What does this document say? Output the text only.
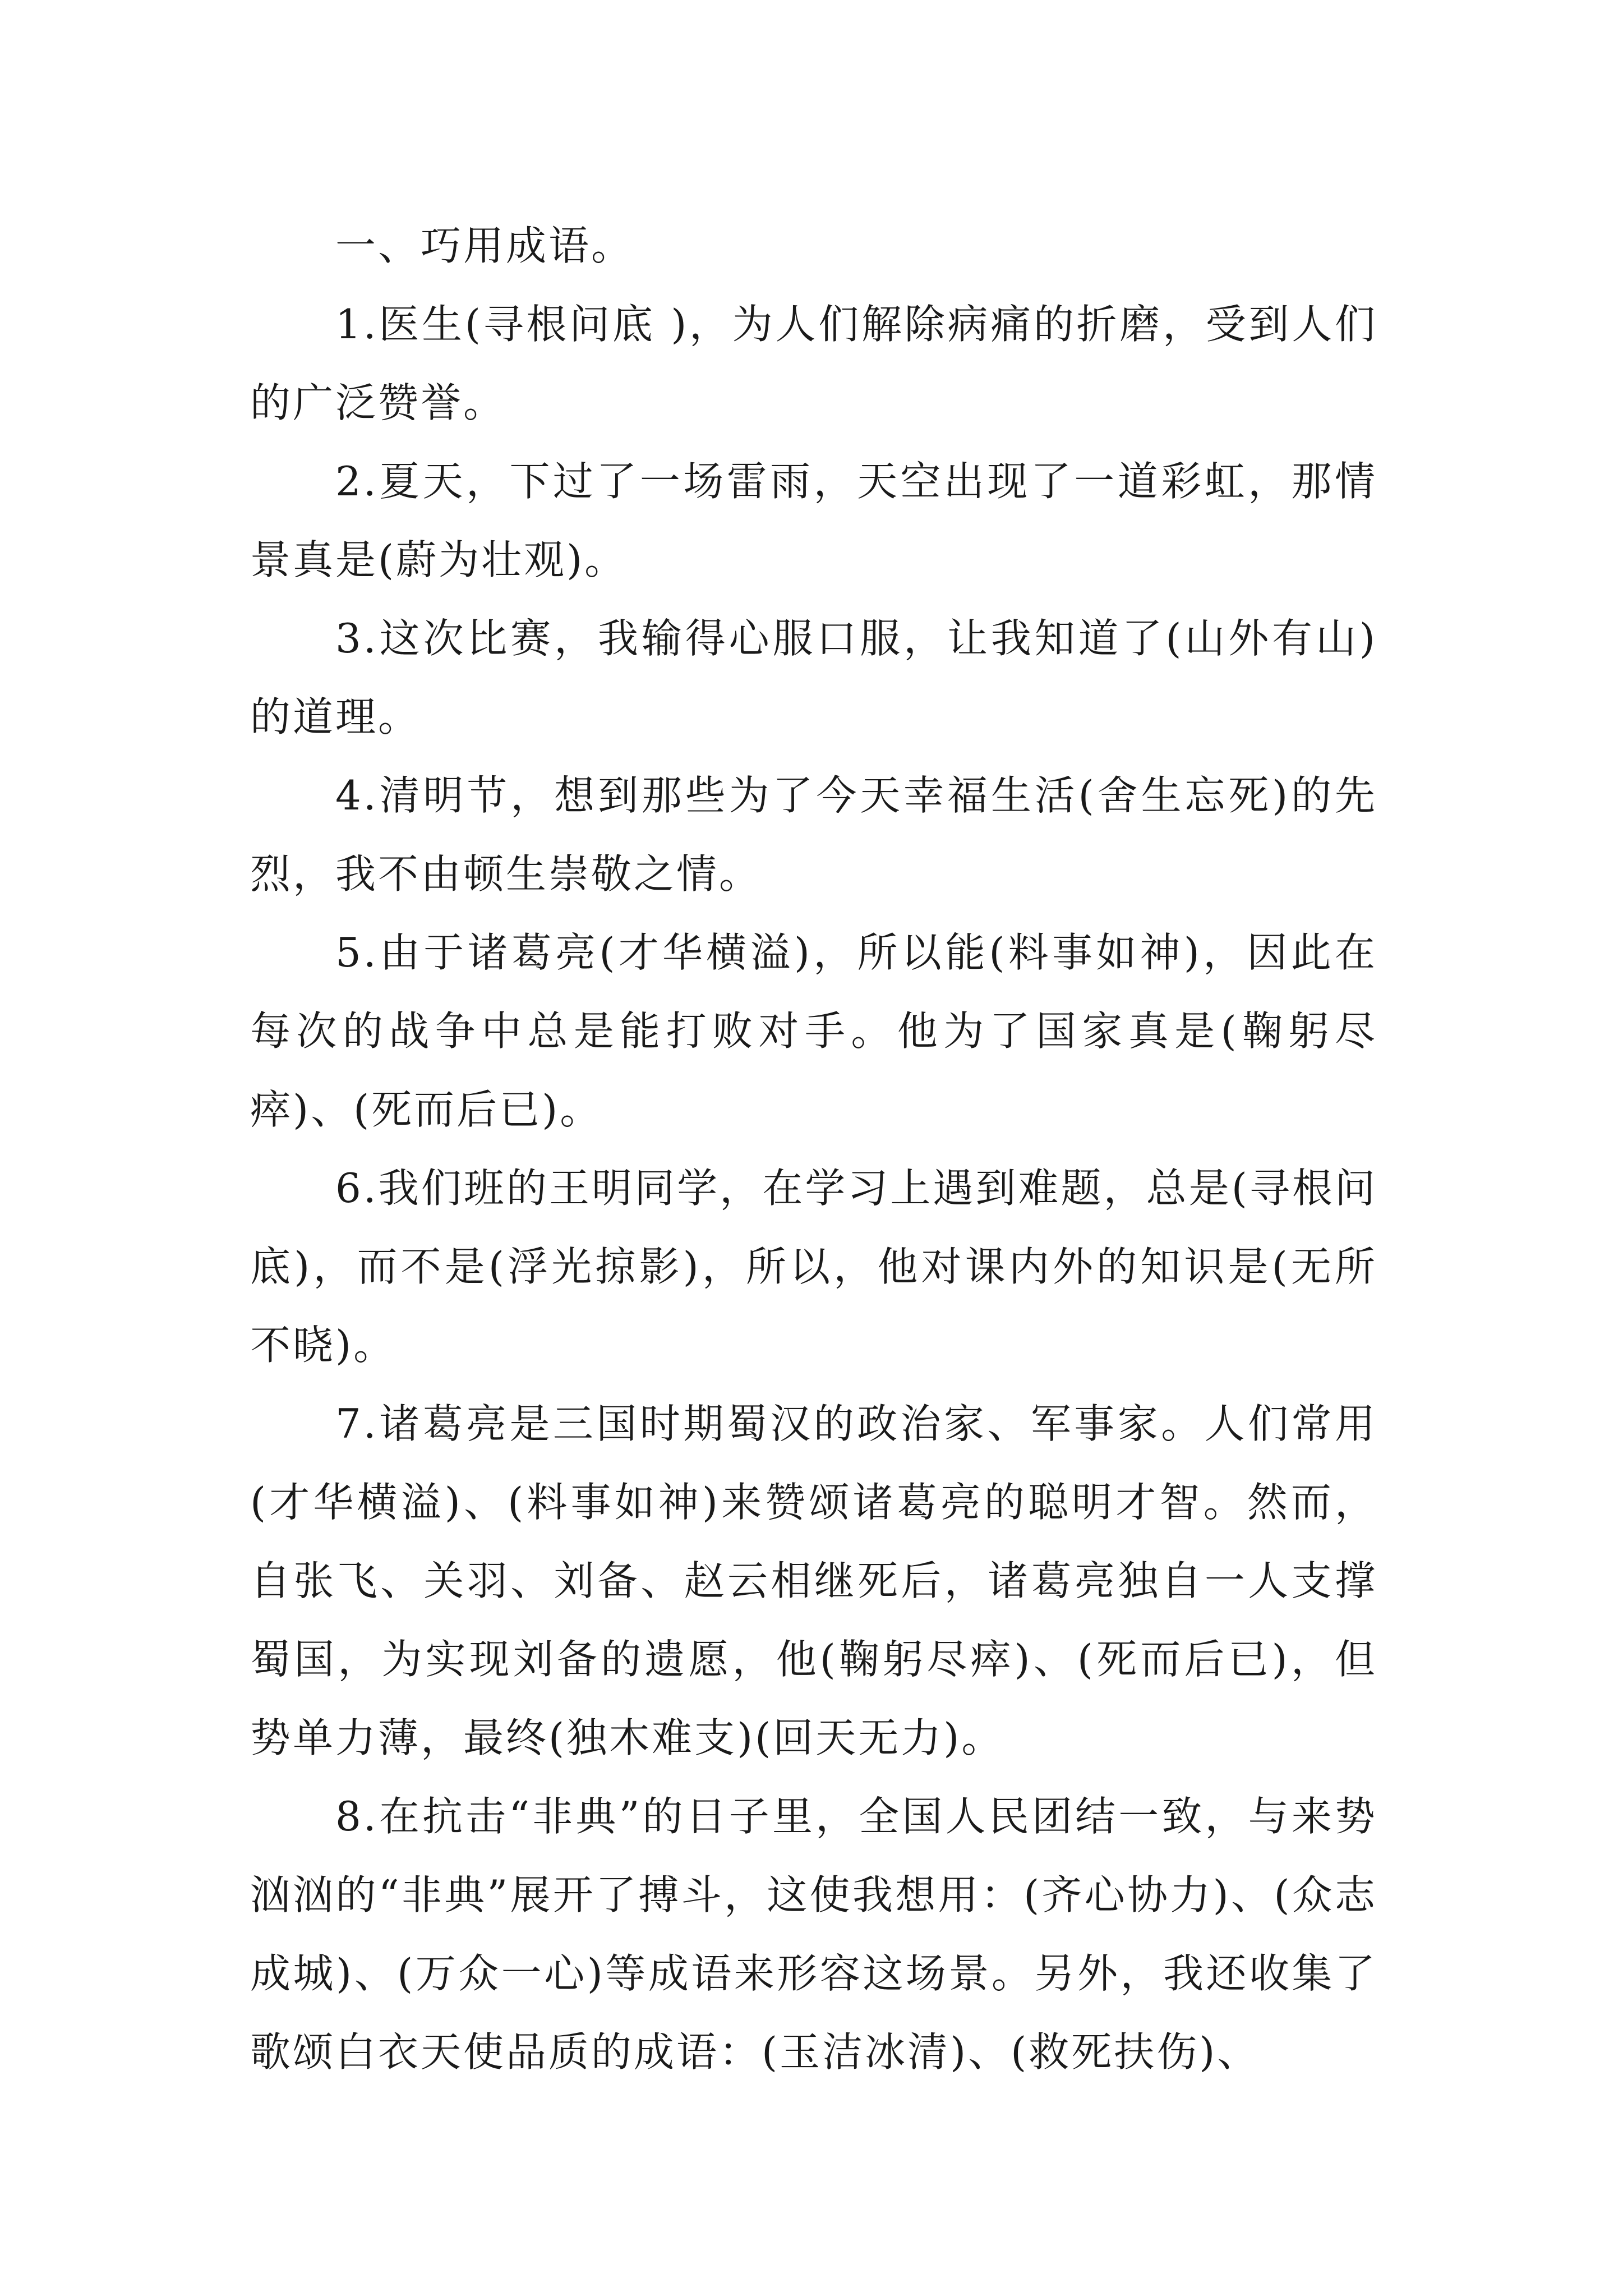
一、巧用成语。

1.医生(寻根问底 )，为人们解除病痛的折磨，受到人们的广泛赞誉。

2.夏天，下过了一场雷雨，天空出现了一道彩虹，那情景真是(蔚为壮观)。

3.这次比赛，我输得心服口服，让我知道了(山外有山)的道理。

4.清明节，想到那些为了今天幸福生活(舍生忘死)的先烈，我不由顿生崇敬之情。

5.由于诸葛亮(才华横溢)，所以能(料事如神)，因此在每次的战争中总是能打败对手。他为了国家真是(鞠躬尽瘁)、(死而后已)。

6.我们班的王明同学，在学习上遇到难题，总是(寻根问底)，而不是(浮光掠影)，所以，他对课内外的知识是(无所不晓)。

7.诸葛亮是三国时期蜀汉的政治家、军事家。人们常用(才华横溢)、(料事如神)来赞颂诸葛亮的聪明才智。然而，自张飞、关羽、刘备、赵云相继死后，诸葛亮独自一人支撑蜀国，为实现刘备的遗愿，他(鞠躬尽瘁)、(死而后已)，但势单力薄，最终(独木难支)(回天无力)。

8.在抗击“非典”的日子里，全国人民团结一致，与来势汹汹的“非典”展开了搏斗，这使我想用：(齐心协力)、(众志成城)、(万众一心)等成语来形容这场景。另外，我还收集了歌颂白衣天使品质的成语：(玉洁冰清)、(救死扶伤)、
